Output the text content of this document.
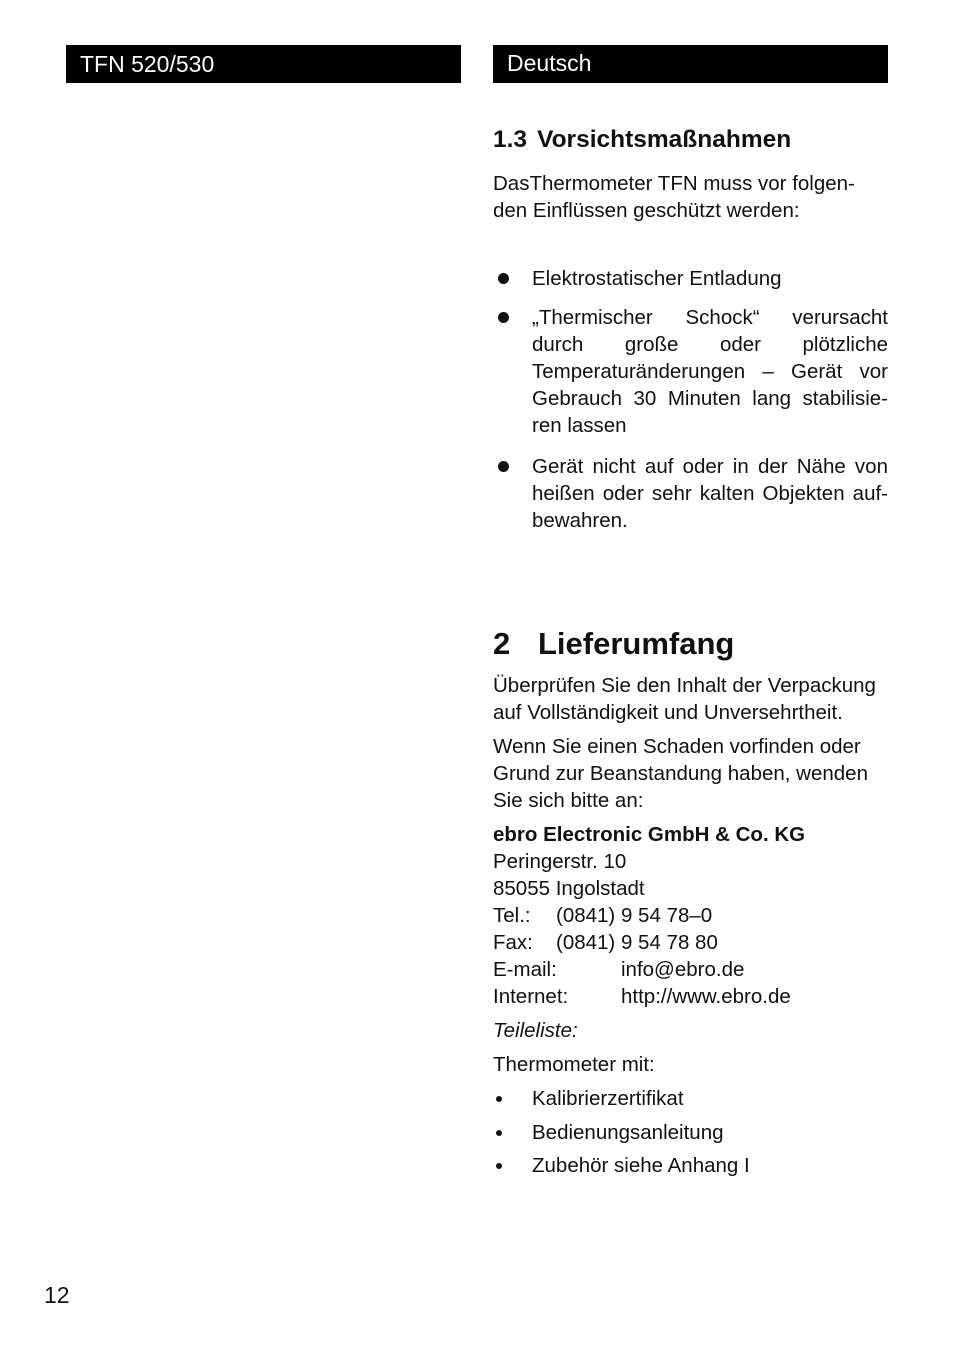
TFN 520/530	Deutsch
1.3 Vorsichtsmaßnahmen
DasThermometer TFN muss vor folgen-
den Einflüssen geschützt werden:
Elektrostatischer Entladung
„Thermischer Schock“ verursacht durch große oder plötzliche Temperaturänderungen – Gerät vor Gebrauch 30 Minuten lang stabilisie- ren lassen
Gerät nicht auf oder in der Nähe von heißen oder sehr kalten Objekten auf- bewahren.
2 Lieferumfang
Überprüfen Sie den Inhalt der Verpackung
auf Vollständigkeit und Unversehrtheit.
Wenn Sie einen Schaden vorfinden oder
Grund zur Beanstandung haben, wenden
Sie sich bitte an:
ebro Electronic GmbH & Co. KG
Peringerstr. 10
85055 Ingolstadt
Tel.: (0841) 9 54 78–0
Fax: (0841) 9 54 78 80
E-mail:	info@ebro.de
Internet:	http://www.ebro.de
Teileliste:
Thermometer mit:
Kalibrierzertifikat
Bedienungsanleitung
Zubehör siehe Anhang I
12
